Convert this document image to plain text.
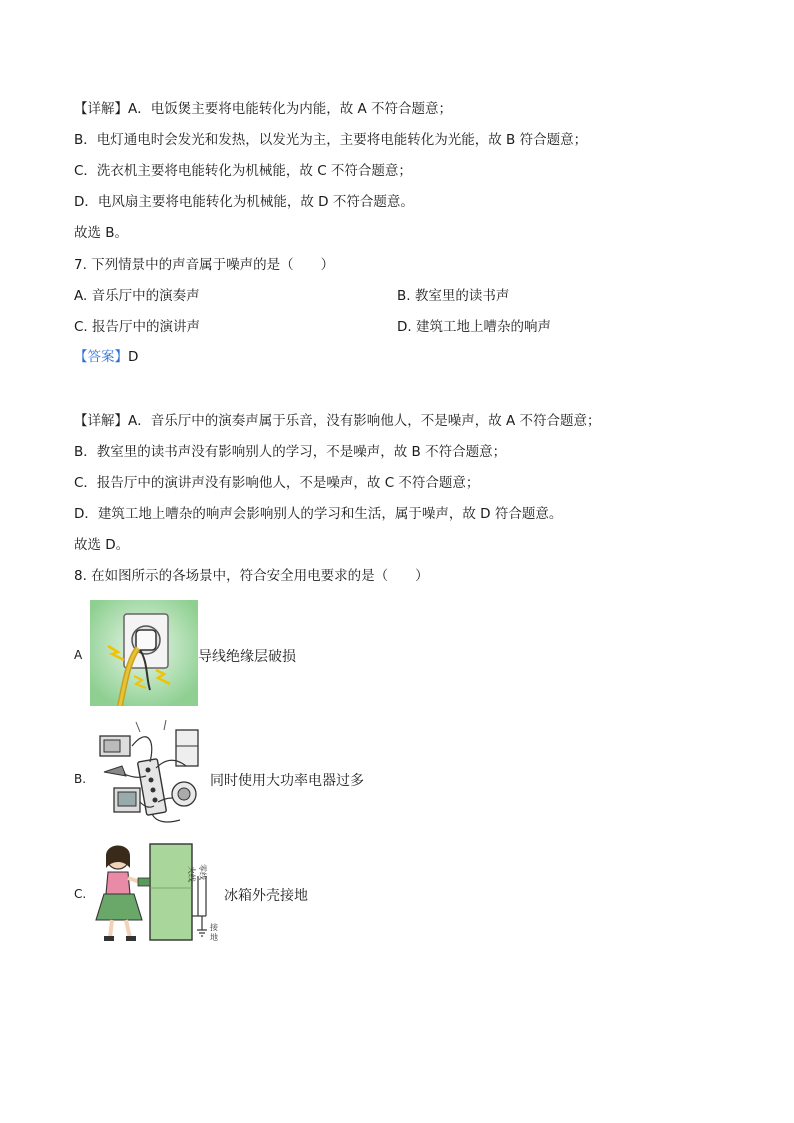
【详解】A．电饭煲主要将电能转化为内能，故 A 不符合题意；
B．电灯通电时会发光和发热，以发光为主，主要将电能转化为光能，故 B 符合题意；
C．洗衣机主要将电能转化为机械能，故 C 不符合题意；
D．电风扇主要将电能转化为机械能，故 D 不符合题意。
故选 B。
7. 下列情景中的声音属于噪声的是（　　）
A. 音乐厅中的演奏声	B. 教室里的读书声
C. 报告厅中的演讲声	D. 建筑工地上嘈杂的响声
【答案】D
【详解】A．音乐厅中的演奏声属于乐音，没有影响他人，不是噪声，故 A 不符合题意；
B．教室里的读书声没有影响别人的学习，不是噪声，故 B 不符合题意；
C．报告厅中的演讲声没有影响他人，不是噪声，故 C 不符合题意；
D．建筑工地上嘈杂的响声会影响别人的学习和生活，属于噪声，故 D 符合题意。
故选 D。
8. 在如图所示的各场景中，符合安全用电要求的是（　　）
A	导线绝缘层破损
B.	同时使用大功率电器过多
C.
火线 零线
接
地
冰箱外壳接地
